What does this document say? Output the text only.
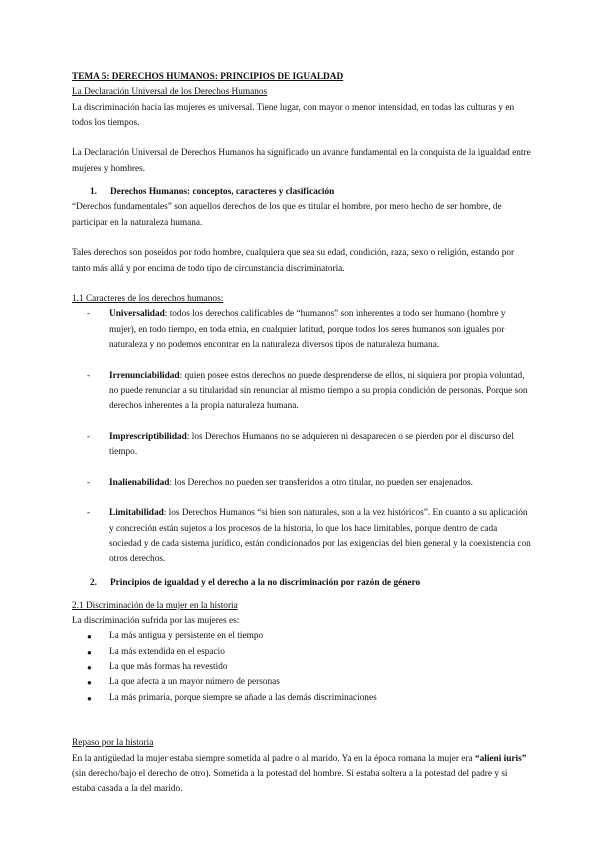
TEMA 5: DERECHOS HUMANOS: PRINCIPIOS DE IGUALDAD

La Declaración Universal de los Derechos Humanos

La discriminación hacia las mujeres es universal. Tiene lugar, con mayor o menor intensidad, en todas las culturas y en todos los tiempos.

La Declaración Universal de Derechos Humanos ha significado un avance fundamental en la conquista de la igualdad entre mujeres y hombres.

1.	Derechos Humanos: conceptos, caracteres y clasificación

“Derechos fundamentales” son aquellos derechos de los que es titular el hombre, por mero hecho de ser hombre, de participar en la naturaleza humana.

Tales derechos son poseídos por todo hombre, cualquiera que sea su edad, condición, raza, sexo o religión, estando por tanto más allá y por encima de todo tipo de circunstancia discriminatoria.

1.1 Caracteres de los derechos humanos:

-	Universalidad: todos los derechos calificables de “humanos” son inherentes a todo ser humano (hombre y mujer), en todo tiempo, en toda etnia, en cualquier latitud, porque todos los seres humanos son iguales por naturaleza y no podemos encontrar en la naturaleza diversos tipos de naturaleza humana.
-	Irrenunciabilidad: quien posee estos derechos no puede desprenderse de ellos, ni siquiera por propia voluntad, no puede renunciar a su titularidad sin renunciar al mismo tiempo a su propia condición de personas. Porque son derechos inherentes a la propia naturaleza humana.
-	Imprescriptibilidad: los Derechos Humanos no se adquieren ni desaparecen o se pierden por el discurso del tiempo.
-	Inalienabilidad: los Derechos no pueden ser transferidos a otro titular, no pueden ser enajenados.
-	Limitabilidad: los Derechos Humanos “si bien son naturales, son a la vez históricos”. En cuanto a su aplicación y concreción están sujetos a los procesos de la historia, lo que los hace limitables, porque dentro de cada sociedad y de cada sistema jurídico, están condicionados por las exigencias del bien general y la coexistencia con otros derechos.
2.	Principios de igualdad y el derecho a la no discriminación por razón de género

2.1 Discriminación de la mujer en la historia

La discriminación sufrida por las mujeres es:

●	La más antigua y persistente en el tiempo
●	La más extendida en el espacio
●	La que más formas ha revestido
●	La que afecta a un mayor número de personas
●	La más primaria, porque siempre se añade a las demás discriminaciones

Repaso por la historia

En la antigüedad la mujer estaba siempre sometida al padre o al marido. Ya en la época romana la mujer era “alieni iuris” (sin derecho/bajo el derecho de otro). Sometida a la potestad del hombre. Si estaba soltera a la potestad del padre y si estaba casada a la del marido.
